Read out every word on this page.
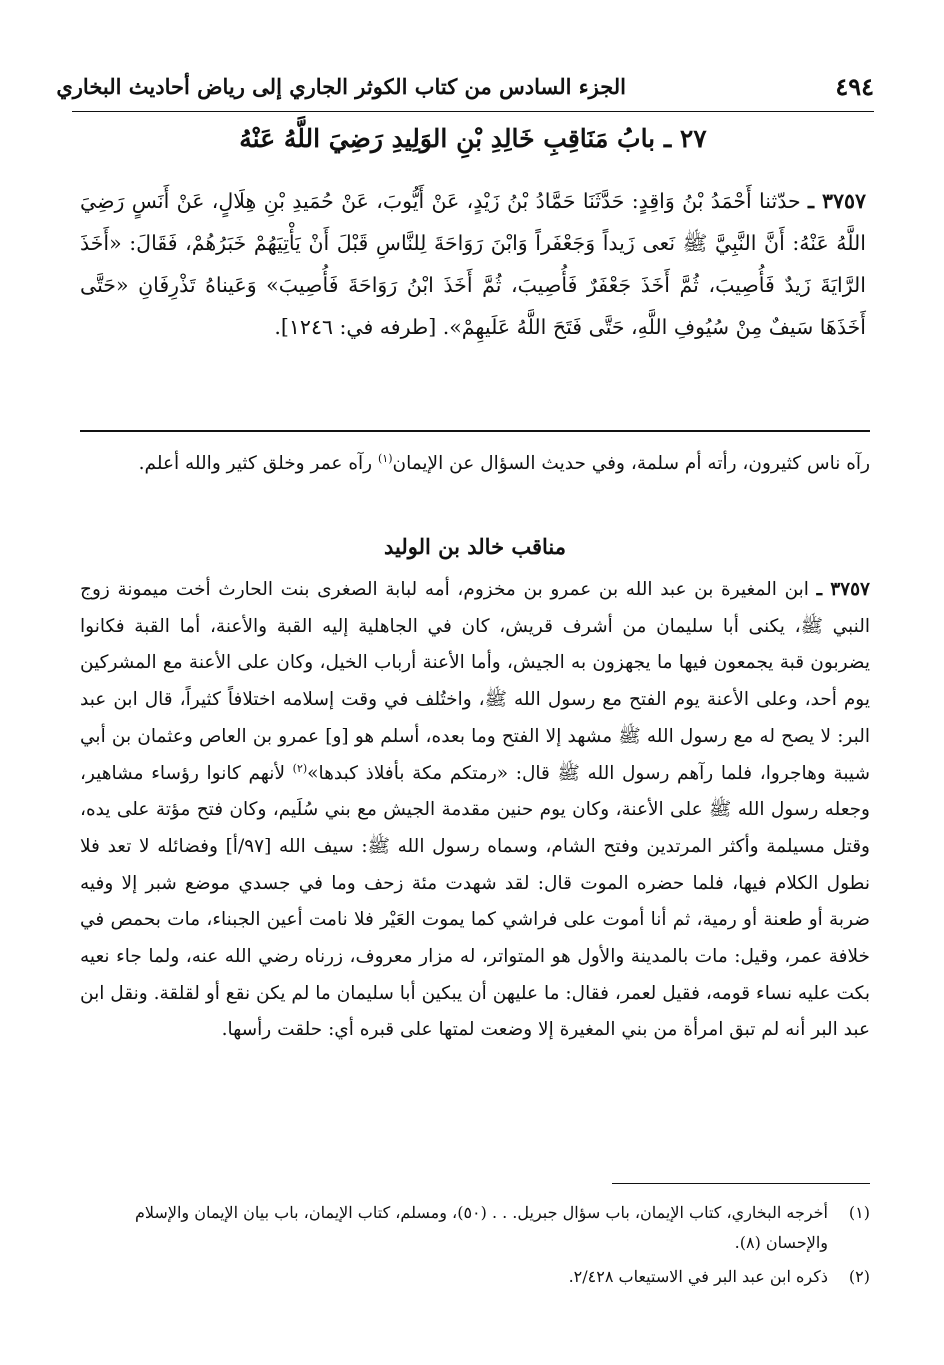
٤٩٤
الجزء السادس من كتاب الكوثر الجاري إلى رياض أحاديث البخاري
٢٧ ـ بابُ مَنَاقِبِ خَالِدِ بْنِ الوَلِيدِ رَضِيَ اللَّهُ عَنْهُ
٣٧٥٧ ـ حدّثنا أَحْمَدُ بْنُ وَاقِدٍ: حَدَّثَنَا حَمَّادُ بْنُ زَيْدٍ، عَنْ أَيُّوبَ، عَنْ حُمَيدِ بْنِ هِلَالٍ، عَنْ أَنَسٍ رَضِيَ اللَّهُ عَنْهُ: أَنَّ النَّبِيَّ ﷺ نَعى زَيداً وَجَعْفَراً وَابْنَ رَوَاحَةَ لِلنَّاسِ قَبْلَ أَنْ يَأْتِيَهُمْ خَبَرُهُمْ، فَقَالَ: «أَخَذَ الرَّايَةَ زَيدٌ فَأُصِيبَ، ثُمَّ أَخَذَ جَعْفَرٌ فَأُصِيبَ، ثُمَّ أَخَذَ ابْنُ رَوَاحَةَ فَأُصِيبَ» وَعَيناهُ تَذْرِفَانِ «حَتَّى أَخَذَهَا سَيفٌ مِنْ سُيُوفِ اللَّهِ، حَتَّى فَتَحَ اللَّهُ عَلَيهِمْ». [طرفه في: ١٢٤٦].
رآه ناس كثيرون، رأته أم سلمة، وفي حديث السؤال عن الإيمان$^{(١)}$ رآه عمر وخلق كثير والله أعلم.
مناقب خالد بن الوليد
٣٧٥٧ ـ ابن المغيرة بن عبد الله بن عمرو بن مخزوم، أمه لبابة الصغرى بنت الحارث أخت ميمونة زوج النبي ﷺ، يكنى أبا سليمان من أشرف قريش، كان في الجاهلية إليه القبة والأعنة، أما القبة فكانوا يضربون قبة يجمعون فيها ما يجهزون به الجيش، وأما الأعنة أرباب الخيل، وكان على الأعنة مع المشركين يوم أحد، وعلى الأعنة يوم الفتح مع رسول الله ﷺ، واختُلف في وقت إسلامه اختلافاً كثيراً، قال ابن عبد البر: لا يصح له مع رسول الله ﷺ مشهد إلا الفتح وما بعده، أسلم هو [و] عمرو بن العاص وعثمان بن أبي شيبة وهاجروا، فلما رآهم رسول الله ﷺ قال: «رمتكم مكة بأفلاذ كبدها»$^{(٢)}$ لأنهم كانوا رؤساء مشاهير، وجعله رسول الله ﷺ على الأعنة، وكان يوم حنين مقدمة الجيش مع بني سُلَيم، وكان فتح مؤتة على يده، وقتل مسيلمة وأكثر المرتدين وفتح الشام، وسماه رسول الله ﷺ: سيف الله [٩٧/أ] وفضائله لا تعد فلا نطول الكلام فيها، فلما حضره الموت قال: لقد شهدت مئة زحف وما في جسدي موضع شبر إلا وفيه ضربة أو طعنة أو رمية، ثم أنا أموت على فراشي كما يموت العَيْر فلا نامت أعين الجبناء، مات بحمص في خلافة عمر، وقيل: مات بالمدينة والأول هو المتواتر، له مزار معروف، زرناه رضي الله عنه، ولما جاء نعيه بكت عليه نساء قومه، فقيل لعمر، فقال: ما عليهن أن يبكين أبا سليمان ما لم يكن نقع أو لقلقة. ونقل ابن عبد البر أنه لم تبق امرأة من بني المغيرة إلا وضعت لمتها على قبره أي: حلقت رأسها.
(١)
أخرجه البخاري، كتاب الإيمان، باب سؤال جبريل. . . (٥٠)، ومسلم، كتاب الإيمان، باب بيان الإيمان والإسلام والإحسان (٨).
(٢)
ذكره ابن عبد البر في الاستيعاب ٢/٤٢٨.
